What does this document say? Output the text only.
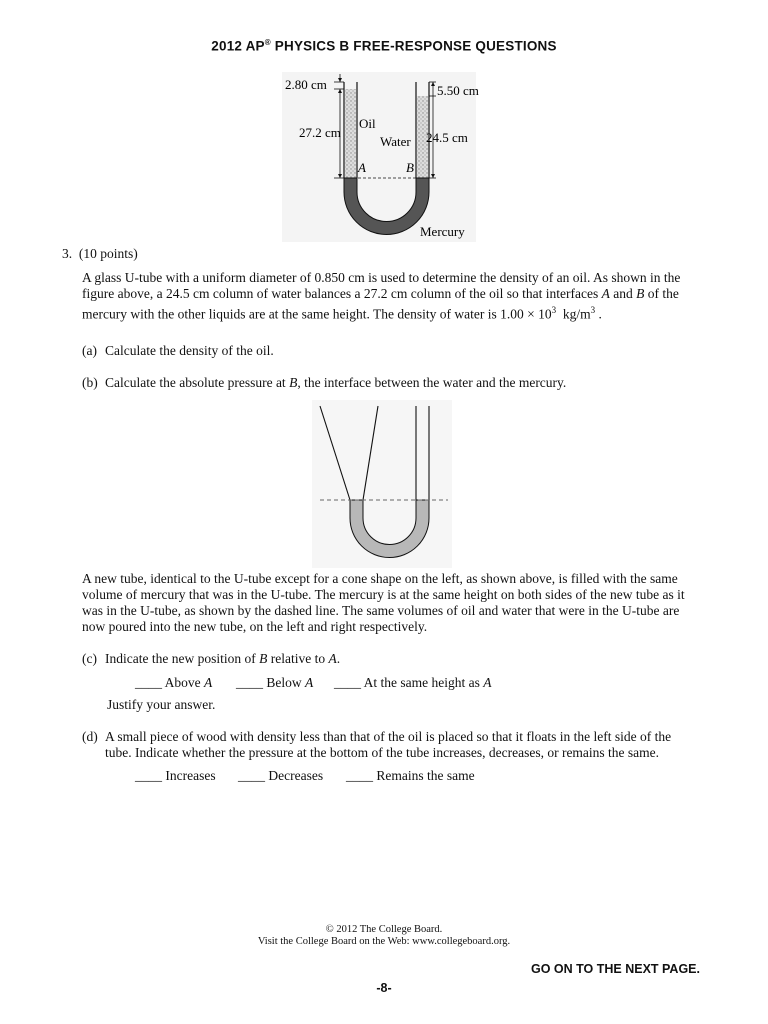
2012 AP® PHYSICS B FREE-RESPONSE QUESTIONS
2.80 cm	5.50 cm
27.2 cm	24.5 cm
Oil
Water
A	B
Mercury
3. (10 points)
A glass U-tube with a uniform diameter of 0.850 cm is used to determine the density of an oil. As shown in the figure above, a 24.5 cm column of water balances a 27.2 cm column of the oil so that interfaces A and B of the mercury with the other liquids are at the same height. The density of water is $1.00 \times 10^3$ $kg/m^3$ .
(a) Calculate the density of the oil.
(b) Calculate the absolute pressure at B, the interface between the water and the mercury.
A new tube, identical to the U-tube except for a cone shape on the left, as shown above, is filled with the same volume of mercury that was in the U-tube. The mercury is at the same height on both sides of the new tube as it was in the U-tube, as shown by the dashed line. The same volumes of oil and water that were in the U-tube are now poured into the new tube, on the left and right respectively.
(c) Indicate the new position of B relative to A.
____ Above A ____ Below A ____ At the same height as A
Justify your answer.
(d) A small piece of wood with density less than that of the oil is placed so that it floats in the left side of the tube. Indicate whether the pressure at the bottom of the tube increases, decreases, or remains the same.
____ Increases ____ Decreases ____ Remains the same
© 2012 The College Board.
Visit the College Board on the Web: www.collegeboard.org.
GO ON TO THE NEXT PAGE.
-8-
